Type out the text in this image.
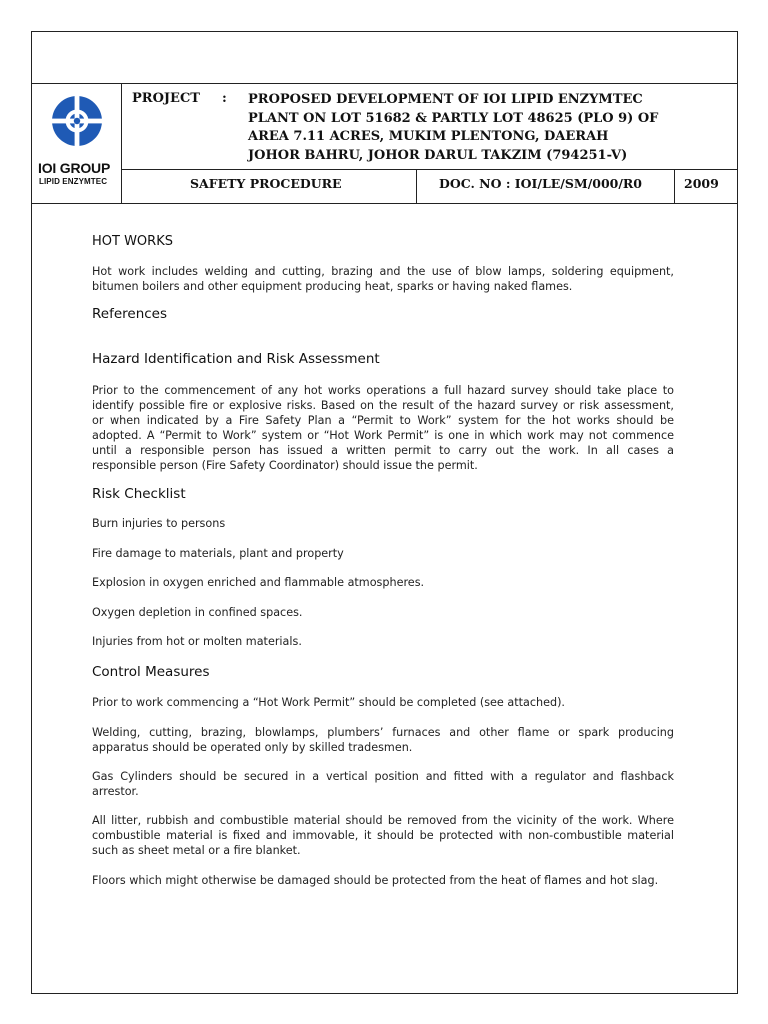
IOI GROUP
LIPID ENZYMTEC
PROJECT : PROPOSED DEVELOPMENT OF IOI LIPID ENZYMTEC
PLANT ON LOT 51682 & PARTLY LOT 48625 (PLO 9) OF
AREA 7.11 ACRES, MUKIM PLENTONG, DAERAH
JOHOR BAHRU, JOHOR DARUL TAKZIM (794251-V)
SAFETY PROCEDURE	DOC. NO : IOI/LE/SM/000/R0	2009
HOT WORKS
Hot work includes welding and cutting, brazing and the use of blow lamps, soldering equipment,
bitumen boilers and other equipment producing heat, sparks or having naked flames.
References
Hazard Identification and Risk Assessment
Prior to the commencement of any hot works operations a full hazard survey should take place to
identify possible fire or explosive risks. Based on the result of the hazard survey or risk assessment,
or when indicated by a Fire Safety Plan a “Permit to Work” system for the hot works should be
adopted. A “Permit to Work” system or “Hot Work Permit” is one in which work may not commence
until a responsible person has issued a written permit to carry out the work. In all cases a
responsible person (Fire Safety Coordinator) should issue the permit.
Risk Checklist
Burn injuries to persons
Fire damage to materials, plant and property
Explosion in oxygen enriched and flammable atmospheres.
Oxygen depletion in confined spaces.
Injuries from hot or molten materials.
Control Measures
Prior to work commencing a “Hot Work Permit” should be completed (see attached).
Welding, cutting, brazing, blowlamps, plumbers’ furnaces and other flame or spark producing
apparatus should be operated only by skilled tradesmen.
Gas Cylinders should be secured in a vertical position and fitted with a regulator and flashback
arrestor.
All litter, rubbish and combustible material should be removed from the vicinity of the work. Where
combustible material is fixed and immovable, it should be protected with non-combustible material
such as sheet metal or a fire blanket.
Floors which might otherwise be damaged should be protected from the heat of flames and hot slag.
